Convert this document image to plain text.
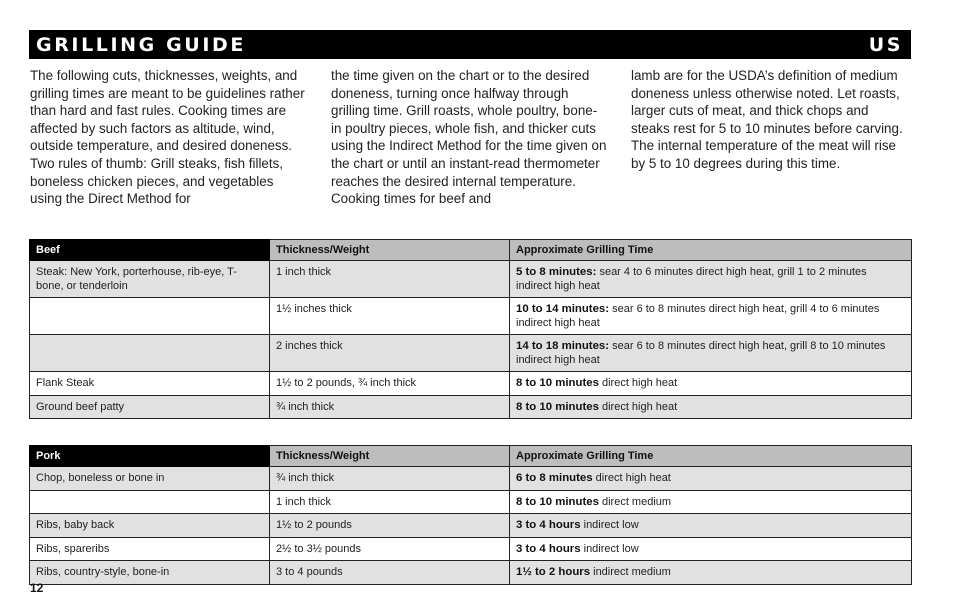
GRILLING GUIDE	US

The following cuts, thicknesses, weights, and grilling times are meant to be guidelines rather than hard and fast rules. Cooking times are affected by such factors as altitude, wind, outside temperature, and desired doneness. Two rules of thumb: Grill steaks, fish fillets, boneless chicken pieces, and vegetables using the Direct Method for

the time given on the chart or to the desired doneness, turning once halfway through grilling time. Grill roasts, whole poultry, bone-in poultry pieces, whole fish, and thicker cuts using the Indirect Method for the time given on the chart or until an instant-read thermometer reaches the desired internal temperature. Cooking times for beef and

lamb are for the USDA’s definition of medium doneness unless otherwise noted. Let roasts, larger cuts of meat, and thick chops and steaks rest for 5 to 10 minutes before carving. The internal temperature of the meat will rise by 5 to 10 degrees during this time.

Beef	Thickness/Weight	Approximate Grilling Time
Steak: New York, porterhouse, rib-eye, T-bone, or tenderloin	1 inch thick	5 to 8 minutes: sear 4 to 6 minutes direct high heat, grill 1 to 2 minutes indirect high heat
	1½ inches thick	10 to 14 minutes: sear 6 to 8 minutes direct high heat, grill 4 to 6 minutes indirect high heat
	2 inches thick	14 to 18 minutes: sear 6 to 8 minutes direct high heat, grill 8 to 10 minutes indirect high heat
Flank Steak	1½ to 2 pounds, ¾ inch thick	8 to 10 minutes direct high heat
Ground beef patty	¾ inch thick	8 to 10 minutes direct high heat
Pork	Thickness/Weight	Approximate Grilling Time
Chop, boneless or bone in	¾ inch thick	6 to 8 minutes direct high heat
	1 inch thick	8 to 10 minutes direct medium
Ribs, baby back	1½ to 2 pounds	3 to 4 hours indirect low
Ribs, spareribs	2½ to 3½ pounds	3 to 4 hours indirect low
Ribs, country-style, bone-in	3 to 4 pounds	1½ to 2 hours indirect medium
12
